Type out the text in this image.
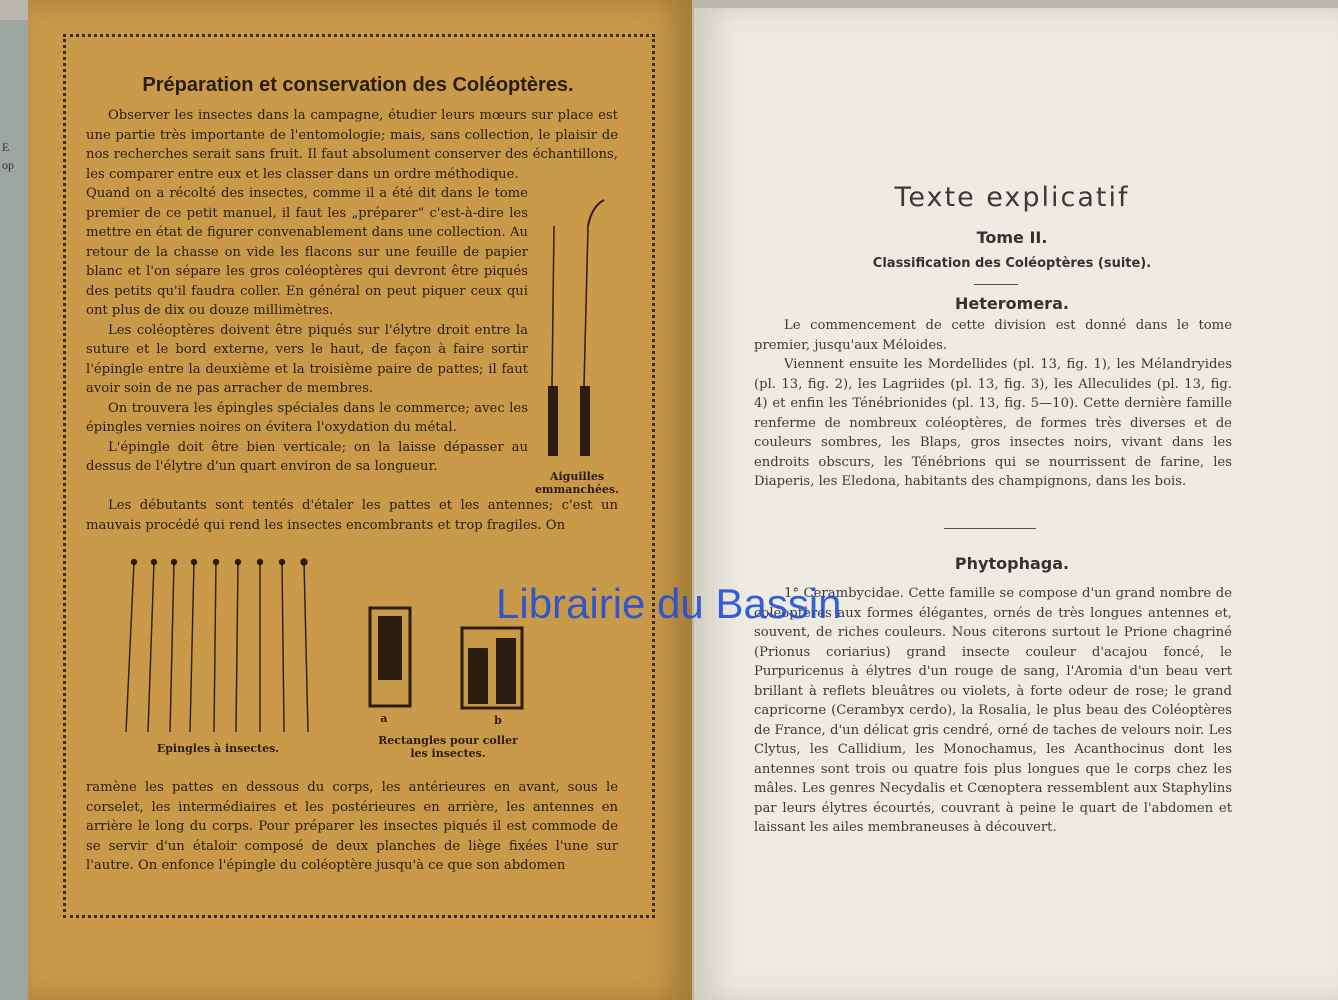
E
op
Préparation et conservation des Coléoptères.

Observer les insectes dans la campagne, étudier leurs mœurs sur place est une partie très importante de l'entomologie; mais, sans collection, le plaisir de nos recherches serait sans fruit. Il faut absolument conserver des échantillons, les comparer entre eux et les classer dans un ordre méthodique.

Quand on a récolté des insectes, comme il a été dit dans le tome premier de ce petit manuel, il faut les „préparer“ c'est-à-dire les mettre en état de figurer convenablement dans une collection. Au retour de la chasse on vide les flacons sur une feuille de papier blanc et l'on sépare les gros coléoptères qui devront être piqués des petits qu'il faudra coller. En général on peut piquer ceux qui ont plus de dix ou douze millimètres.

Les coléoptères doivent être piqués sur l'élytre droit entre la suture et le bord externe, vers le haut, de façon à faire sortir l'épingle entre la deuxième et la troisième paire de pattes; il faut avoir soin de ne pas arracher de membres.

On trouvera les épingles spéciales dans le commerce; avec les épingles vernies noires on évitera l'oxydation du métal.

L'épingle doit être bien verticale; on la laisse dépasser au dessus de l'élytre d'un quart environ de sa longueur.

Aiguilles
emmanchées.

Les débutants sont tentés d'étaler les pattes et les antennes; c'est un mauvais procédé qui rend les insectes encombrants et trop fragiles. On

Epingles à insectes.
a	b
Rectangles pour coller
les insectes.

ramène les pattes en dessous du corps, les antérieures en avant, sous le corselet, les intermédiaires et les postérieures en arrière, les antennes en arrière le long du corps. Pour préparer les insectes piqués il est commode de se servir d'un étaloir composé de deux planches de liège fixées l'une sur l'autre. On enfonce l'épingle du coléoptère jusqu'à ce que son abdomen

Texte explicatif
Tome II.
Classification des Coléoptères (suite).
Heteromera.

Le commencement de cette division est donné dans le tome premier, jusqu'aux Méloides.

Viennent ensuite les Mordellides (pl. 13, fig. 1), les Mélandryides (pl. 13, fig. 2), les Lagriides (pl. 13, fig. 3), les Alleculides (pl. 13, fig. 4) et enfin les Ténébrionides (pl. 13, fig. 5—10). Cette dernière famille renferme de nombreux coléoptères, de formes très diverses et de couleurs sombres, les Blaps, gros insectes noirs, vivant dans les endroits obscurs, les Ténébrions qui se nourrissent de farine, les Diaperis, les Eledona, habitants des champignons, dans les bois.

Phytophaga.

1° Cerambycidae. Cette famille se compose d'un grand nombre de coléoptères aux formes élégantes, ornés de très longues antennes et, souvent, de riches couleurs. Nous citerons surtout le Prione chagriné (Prionus coriarius) grand insecte couleur d'acajou foncé, le Purpuricenus à élytres d'un rouge de sang, l'Aromia d'un beau vert brillant à reflets bleuâtres ou violets, à forte odeur de rose; le grand capricorne (Cerambyx cerdo), la Rosalia, le plus beau des Coléoptères de France, d'un délicat gris cendré, orné de taches de velours noir. Les Clytus, les Callidium, les Monochamus, les Acanthocinus dont les antennes sont trois ou quatre fois plus longues que le corps chez les mâles. Les genres Necydalis et Cœnoptera ressemblent aux Staphylins par leurs élytres écourtés, couvrant à peine le quart de l'abdomen et laissant les ailes membraneuses à découvert.

Librairie du Bassin
